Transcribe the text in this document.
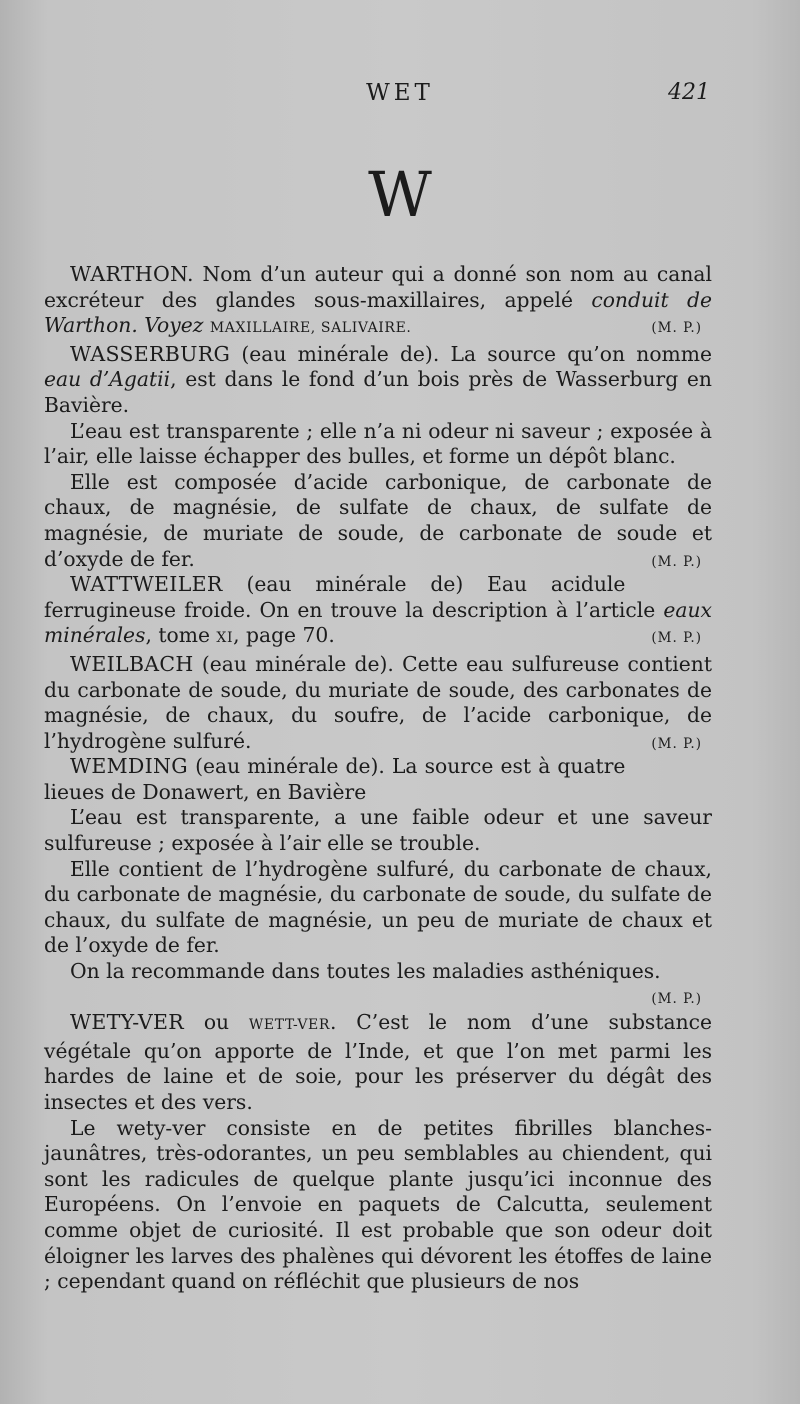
WET	421
W

WARTHON. Nom d’un auteur qui a donné son nom au canal excréteur des glandes sous-maxillaires, appelé conduit de Warthon. Voyez MAXILLAIRE, SALIVAIRE.	(M. P.)

WASSERBURG (eau minérale de). La source qu’on nomme eau d’Agatii, est dans le fond d’un bois près de Wasserburg en Bavière.

L’eau est transparente ; elle n’a ni odeur ni saveur ; exposée à l’air, elle laisse échapper des bulles, et forme un dépôt blanc.

Elle est composée d’acide carbonique, de carbonate de chaux, de magnésie, de sulfate de chaux, de sulfate de magnésie, de muriate de soude, de carbonate de soude et d’oxyde de fer.	(M. P.)

WATTWEILER (eau minérale de) Eau acidule ferrugineuse froide. On en trouve la description à l’article eaux minérales, tome XI, page 70.	(M. P.)

WEILBACH (eau minérale de). Cette eau sulfureuse contient du carbonate de soude, du muriate de soude, des carbonates de magnésie, de chaux, du soufre, de l’acide carbonique, de l’hydrogène sulfuré.	(M. P.)

WEMDING (eau minérale de). La source est à quatre lieues de Donawert, en Bavière

L’eau est transparente, a une faible odeur et une saveur sulfureuse ; exposée à l’air elle se trouble.

Elle contient de l’hydrogène sulfuré, du carbonate de chaux, du carbonate de magnésie, du carbonate de soude, du sulfate de chaux, du sulfate de magnésie, un peu de muriate de chaux et de l’oxyde de fer.

On la recommande dans toutes les maladies asthéniques.

(M. P.)

WETY-VER ou WETT-VER. C’est le nom d’une substance végétale qu’on apporte de l’Inde, et que l’on met parmi les hardes de laine et de soie, pour les préserver du dégât des insectes et des vers.

Le wety-ver consiste en de petites fibrilles blanches-jaunâtres, très-odorantes, un peu semblables au chiendent, qui sont les radicules de quelque plante jusqu’ici inconnue des Européens. On l’envoie en paquets de Calcutta, seulement comme objet de curiosité. Il est probable que son odeur doit éloigner les larves des phalènes qui dévorent les étoffes de laine ; cependant quand on réfléchit que plusieurs de nos
